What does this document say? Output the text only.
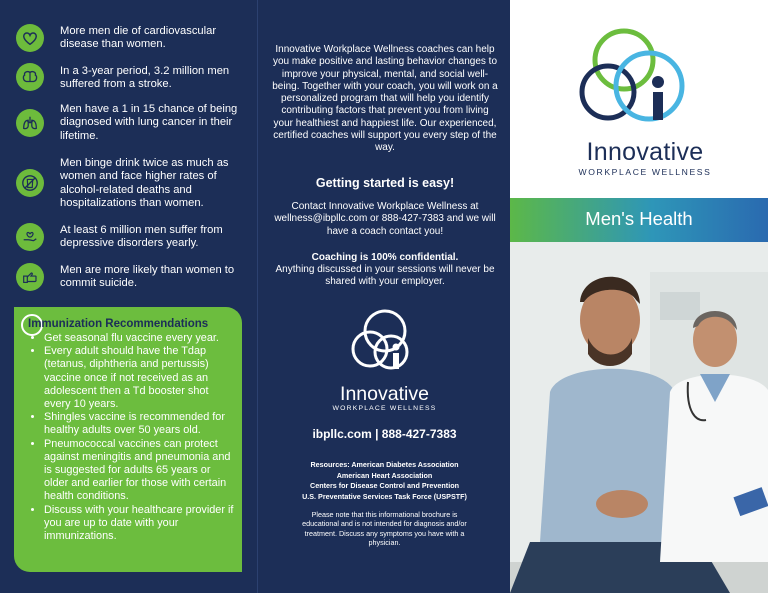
More men die of cardiovascular disease than women.
In a 3-year period, 3.2 million men suffered from a stroke.
Men have a 1 in 15 chance of being diagnosed with lung cancer in their lifetime.
Men binge drink twice as much as women and face higher rates of alcohol-related deaths and hospitalizations than women.
At least 6 million men suffer from depressive disorders yearly.
Men are more likely than women to commit suicide.
Immunization Recommendations
• Get seasonal flu vaccine every year.
• Every adult should have the Tdap (tetanus, diphtheria and pertussis) vaccine once if not received as an adolescent then a Td booster shot every 10 years.
• Shingles vaccine is recommended for healthy adults over 50 years old.
• Pneumococcal vaccines can protect against meningitis and pneumonia and is suggested for adults 65 years or older and earlier for those with certain health conditions.
• Discuss with your healthcare provider if you are up to date with your immunizations.
Innovative Workplace Wellness coaches can help you make positive and lasting behavior changes to improve your physical, mental, and social well-being. Together with your coach, you will work on a personalized program that will help you identify contributing factors that prevent you from living your healthiest and happiest life. Our experienced, certified coaches will support you every step of the way.
Getting started is easy!
Contact Innovative Workplace Wellness at wellness@ibpllc.com or 888-427-7383 and we will have a coach contact you!
Coaching is 100% confidential.
Anything discussed in your sessions will never be shared with your employer.
Innovative
WORKPLACE WELLNESS
ibpllc.com | 888-427-7383
Resources: American Diabetes Association
American Heart Association
Centers for Disease Control and Prevention
U.S. Preventative Services Task Force (USPSTF)
Please note that this informational brochure is educational and is not intended for diagnosis and/or treatment. Discuss any symptoms you have with a physician.
Innovative
WORKPLACE WELLNESS
Men's Health
